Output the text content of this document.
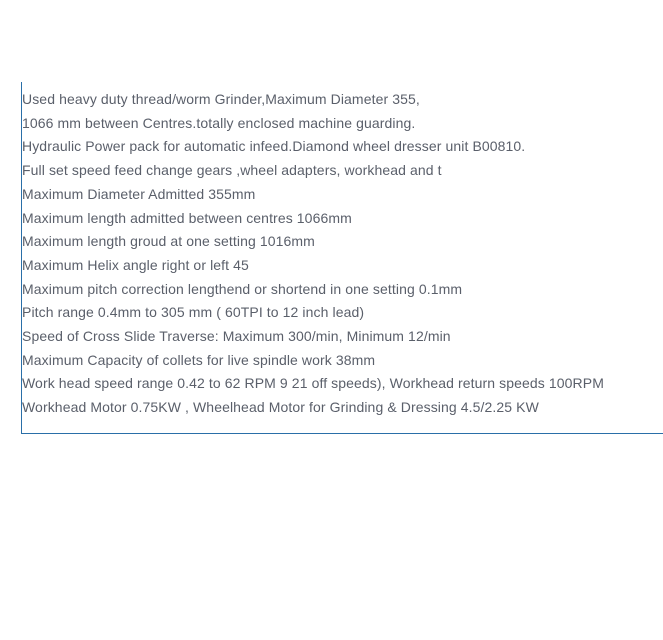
Used heavy duty thread/worm Grinder,Maximum Diameter 355,
1066 mm between Centres.totally enclosed machine guarding.
Hydraulic Power pack for automatic infeed.Diamond wheel dresser unit B00810.
Full set speed feed change gears ,wheel adapters, workhead and t
Maximum Diameter Admitted 355mm
Maximum length admitted between centres 1066mm
Maximum length groud at one setting 1016mm
Maximum Helix angle right or left 45
Maximum pitch correction lengthend or shortend in one setting 0.1mm
Pitch range 0.4mm to 305 mm ( 60TPI to 12 inch lead)
Speed of Cross Slide Traverse: Maximum 300/min, Minimum 12/min
Maximum Capacity of collets for live spindle work 38mm
Work head speed range 0.42 to 62 RPM 9 21 off speeds), Workhead return speeds 100RPM
Workhead Motor 0.75KW , Wheelhead Motor for Grinding & Dressing 4.5/2.25 KW
